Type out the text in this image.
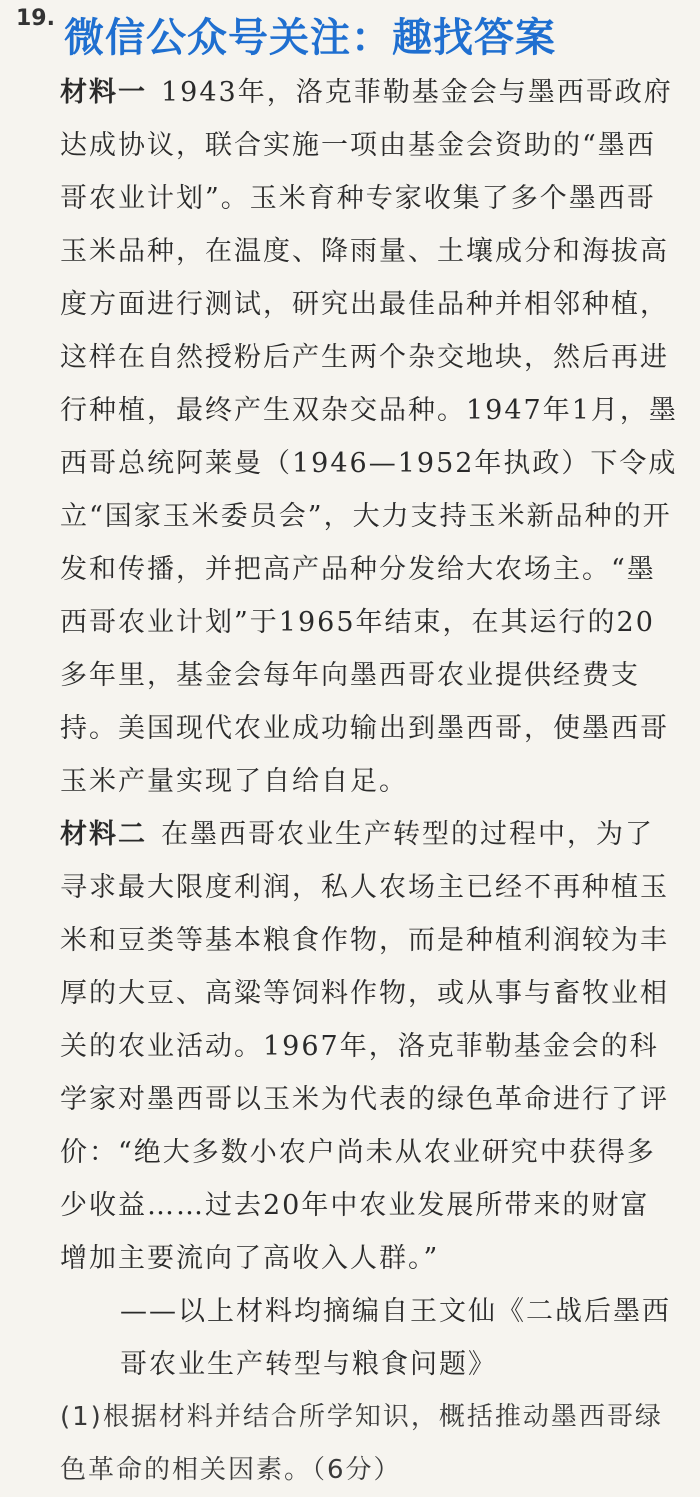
19. 微信公众号关注：趣找答案

材料一 1943年，洛克菲勒基金会与墨西哥政府达成协议，联合实施一项由基金会资助的“墨西哥农业计划”。玉米育种专家收集了多个墨西哥玉米品种，在温度、降雨量、土壤成分和海拔高度方面进行测试，研究出最佳品种并相邻种植，这样在自然授粉后产生两个杂交地块，然后再进行种植，最终产生双杂交品种。1947年1月，墨西哥总统阿莱曼（1946—1952年执政）下令成立“国家玉米委员会”，大力支持玉米新品种的开发和传播，并把高产品种分发给大农场主。“墨西哥农业计划”于1965年结束，在其运行的20多年里，基金会每年向墨西哥农业提供经费支持。美国现代农业成功输出到墨西哥，使墨西哥玉米产量实现了自给自足。

材料二 在墨西哥农业生产转型的过程中，为了寻求最大限度利润，私人农场主已经不再种植玉米和豆类等基本粮食作物，而是种植利润较为丰厚的大豆、高粱等饲料作物，或从事与畜牧业相关的农业活动。1967年，洛克菲勒基金会的科学家对墨西哥以玉米为代表的绿色革命进行了评价：“绝大多数小农户尚未从农业研究中获得多少收益……过去20年中农业发展所带来的财富增加主要流向了高收入人群。”

——以上材料均摘编自王文仙《二战后墨西哥农业生产转型与粮食问题》

(1)根据材料并结合所学知识，概括推动墨西哥绿色革命的相关因素。（6分）
